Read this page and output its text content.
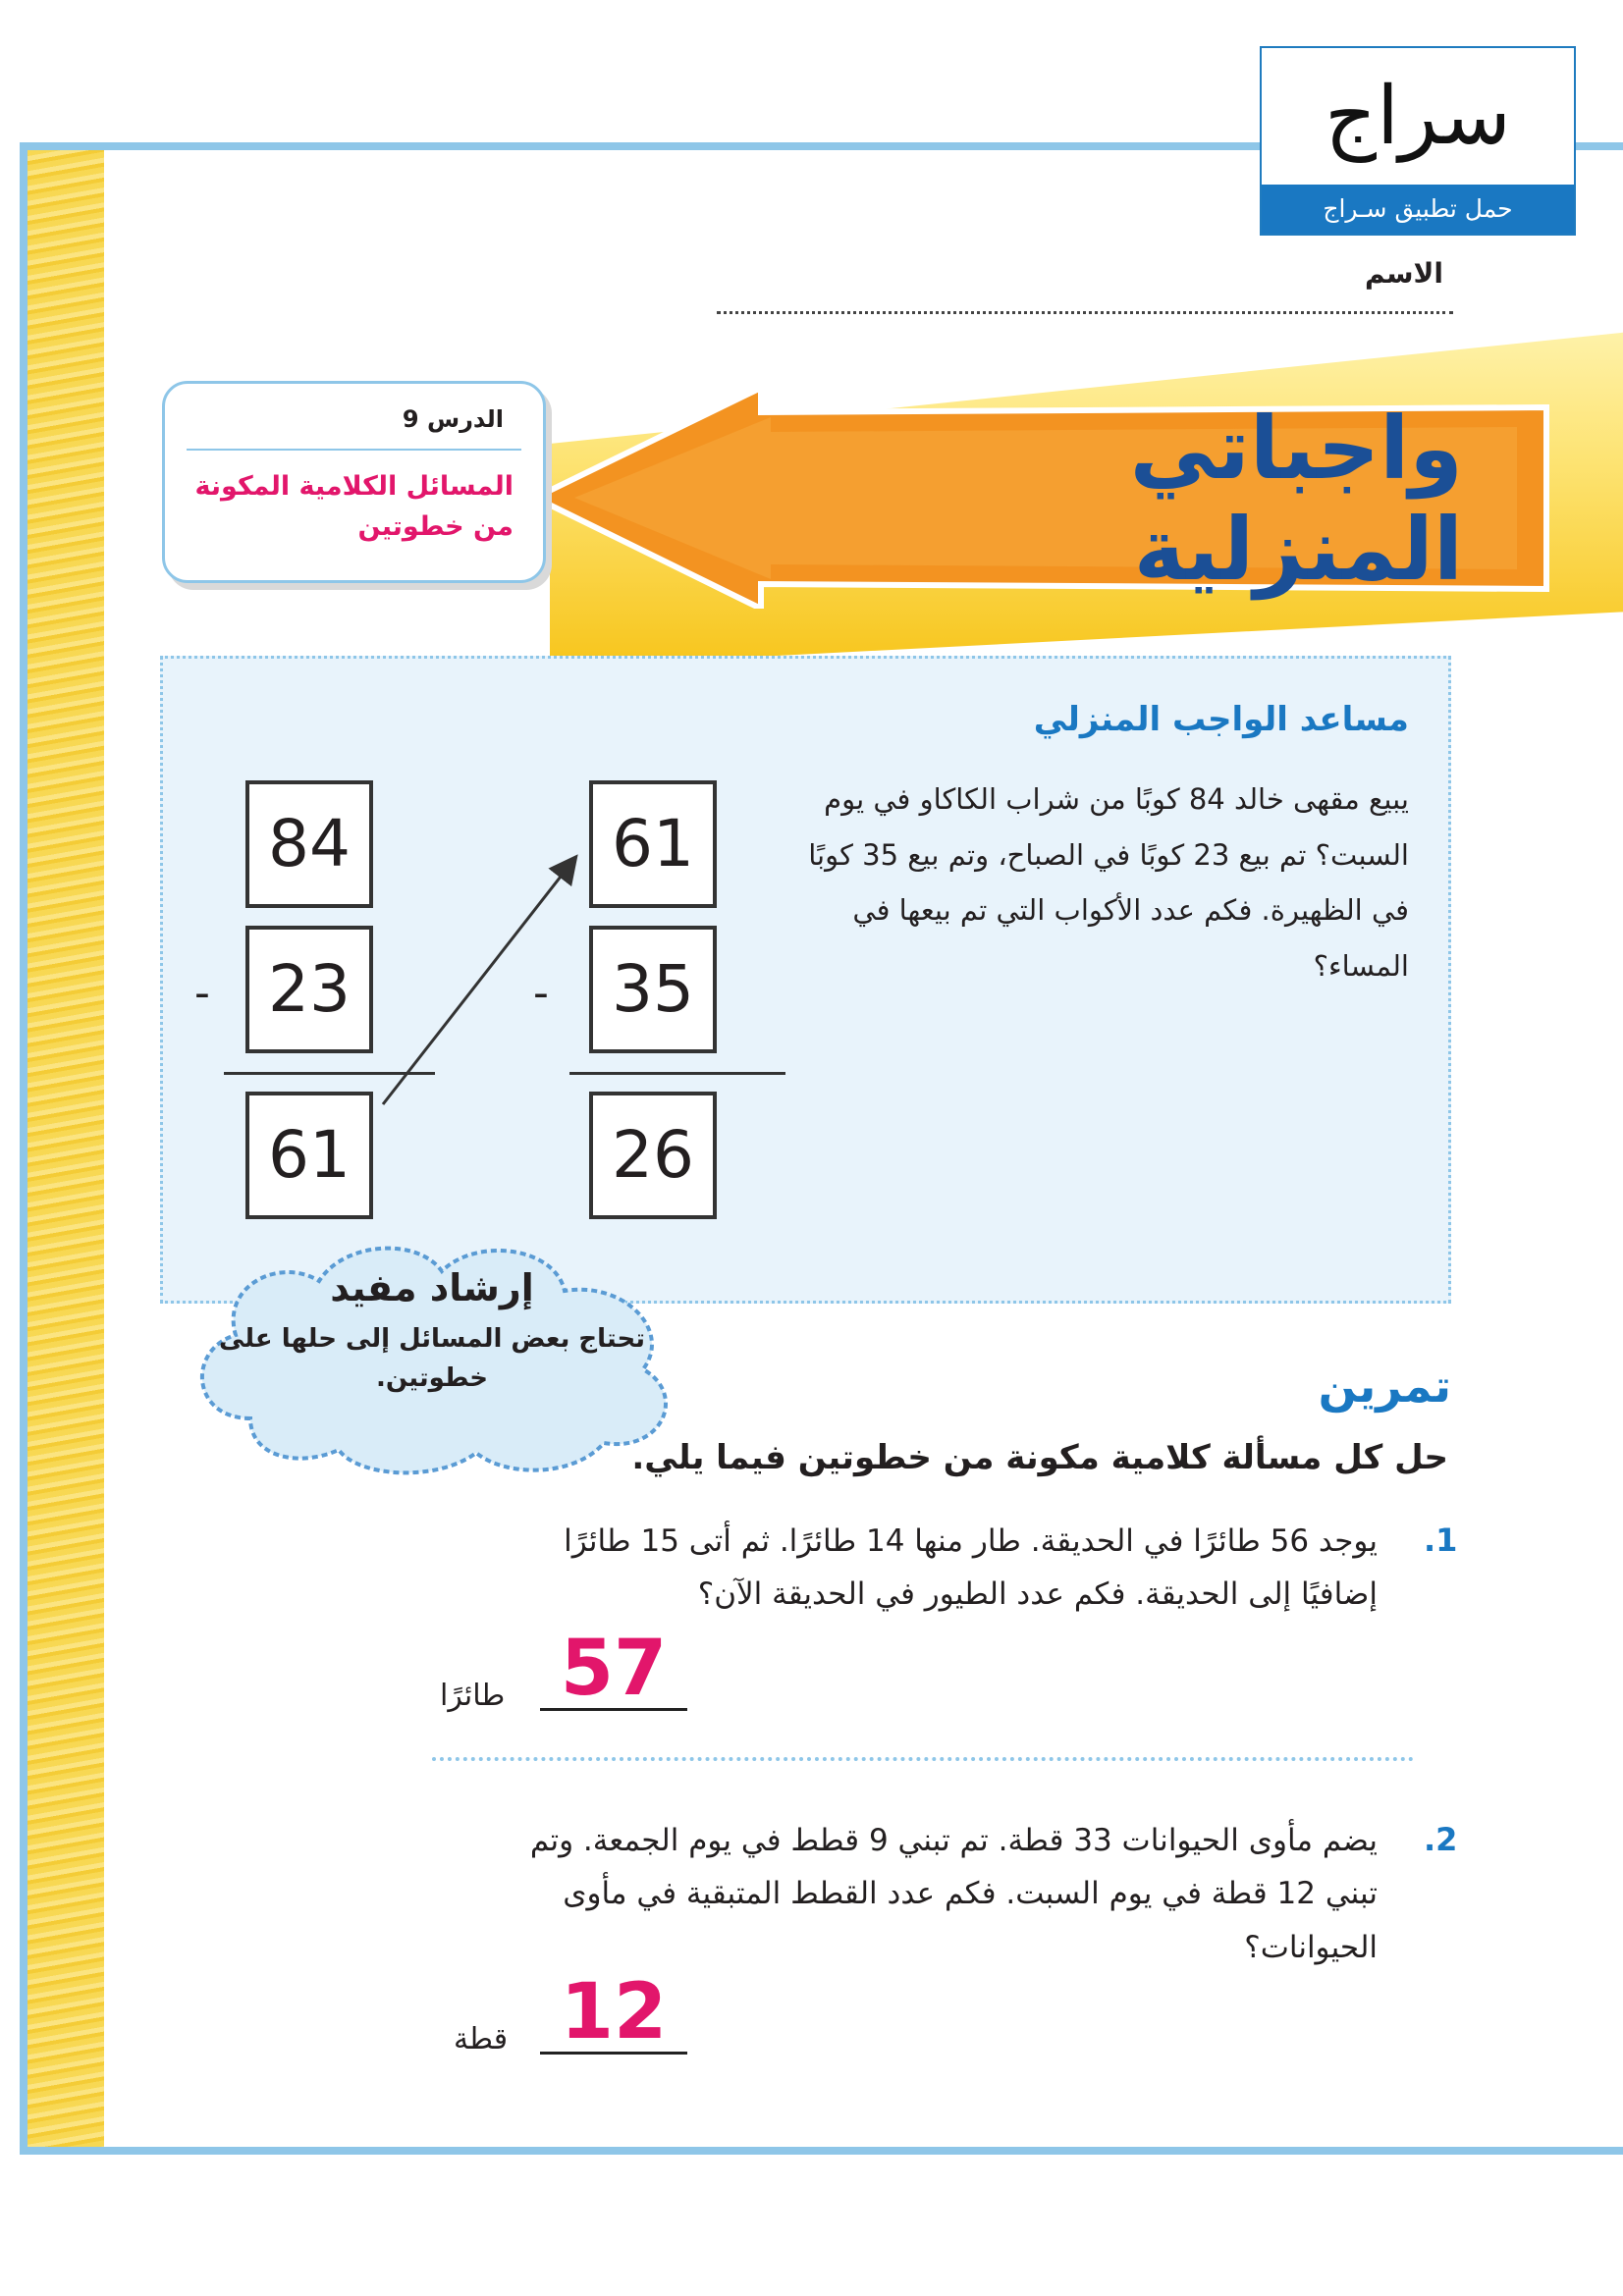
سراج
حمل تطبيق سـراج
الاسم
واجباتي المنزلية
الدرس 9
المسائل الكلامية المكونة من خطوتين
مساعد الواجب المنزلي
يبيع مقهى خالد 84 كوبًا من شراب الكاكاو في يوم السبت؟ تم بيع 23 كوبًا في الصباح، وتم بيع 35 كوبًا في الظهيرة. فكم عدد الأكواب التي تم بيعها في المساء؟
84
- 23
61
61
- 35
26
إرشاد مفيد
تحتاج بعض المسائل إلى حلها على خطوتين.	تمرين
حل كل مسألة كلامية مكونة من خطوتين فيما يلي.
.1
يوجد 56 طائرًا في الحديقة. طار منها 14 طائرًا. ثم أتى 15 طائرًا إضافيًا إلى الحديقة. فكم عدد الطيور في الحديقة الآن؟
57
طائرًا
.2
يضم مأوى الحيوانات 33 قطة. تم تبني 9 قطط في يوم الجمعة. وتم تبني 12 قطة في يوم السبت. فكم عدد القطط المتبقية في مأوى الحيوانات؟
12
قطة
